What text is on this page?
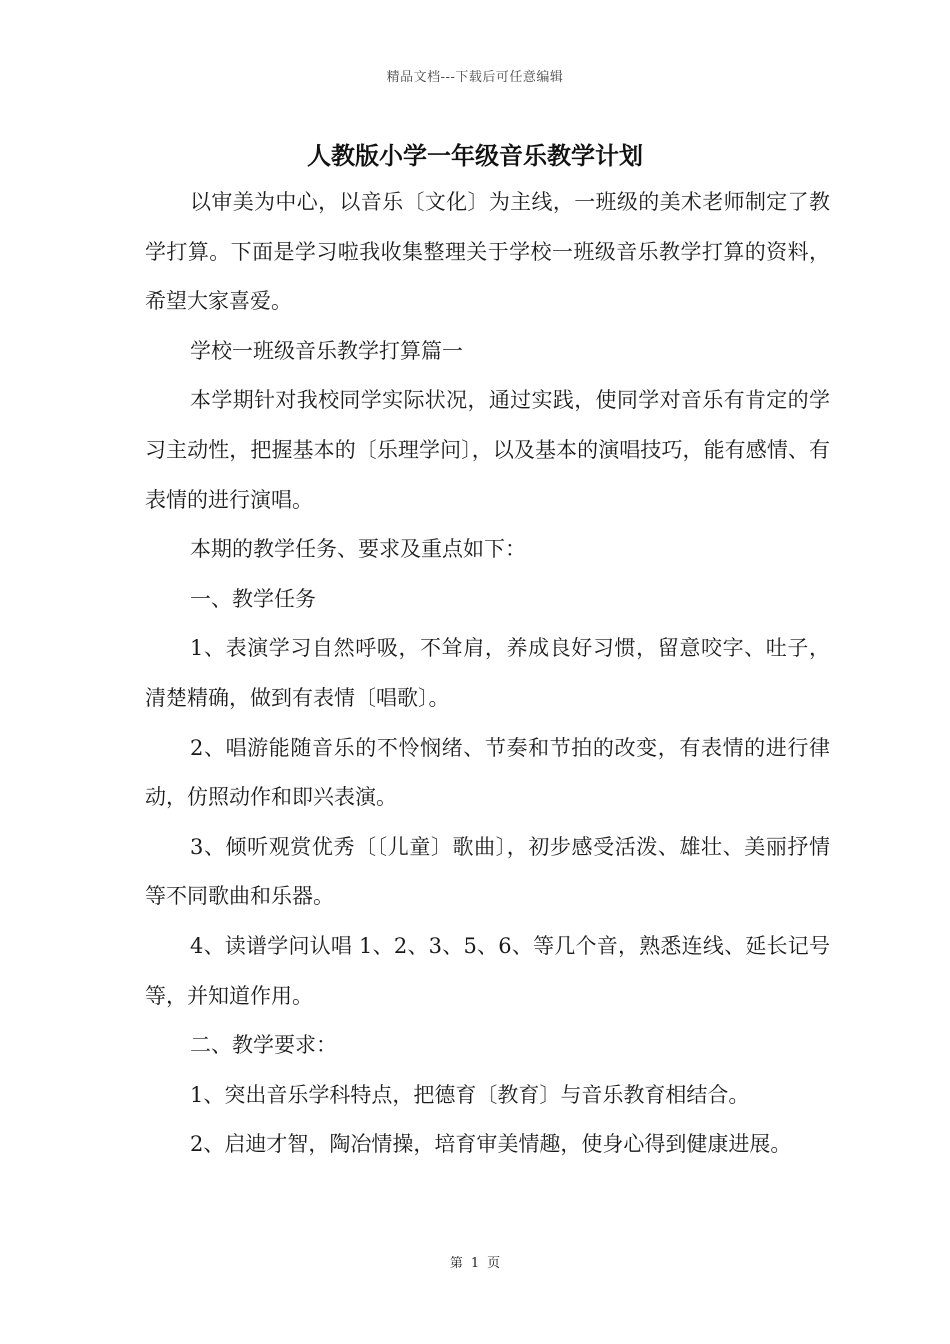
精品文档---下载后可任意编辑
人教版小学一年级音乐教学计划

以审美为中心，以音乐〔文化〕为主线，一班级的美术老师制定了教学打算。下面是学习啦我收集整理关于学校一班级音乐教学打算的资料，希望大家喜爱。

学校一班级音乐教学打算篇一

本学期针对我校同学实际状况，通过实践，使同学对音乐有肯定的学习主动性，把握基本的〔乐理学问〕，以及基本的演唱技巧，能有感情、有表情的进行演唱。

本期的教学任务、要求及重点如下：

一、教学任务

1、表演学习自然呼吸，不耸肩，养成良好习惯，留意咬字、吐子，清楚精确，做到有表情〔唱歌〕。

2、唱游能随音乐的不怜悯绪、节奏和节拍的改变，有表情的进行律动，仿照动作和即兴表演。

3、倾听观赏优秀〔〔儿童〕歌曲〕，初步感受活泼、雄壮、美丽抒情等不同歌曲和乐器。

4、读谱学问认唱 1、2、3、5、6、等几个音，熟悉连线、延长记号等，并知道作用。

二、教学要求：

1、突出音乐学科特点，把德育〔教育〕与音乐教育相结合。

2、启迪才智，陶冶情操，培育审美情趣，使身心得到健康进展。

第 1 页
